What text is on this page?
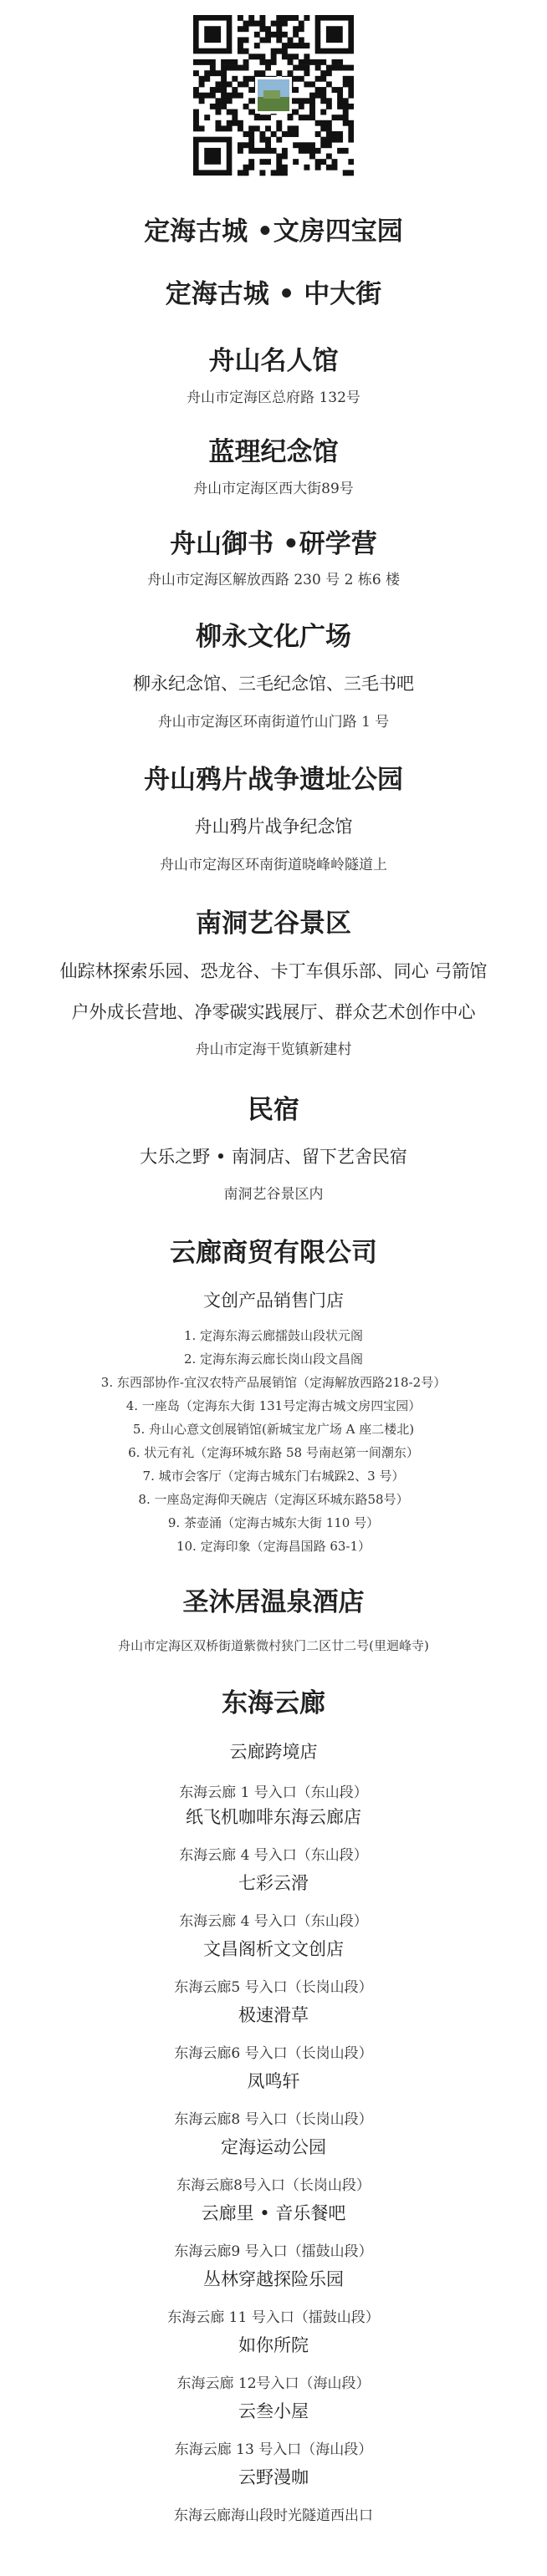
定海古城 •文房四宝园
定海古城 • 中大街
舟山名人馆
舟山市定海区总府路 132号
蓝理纪念馆
舟山市定海区西大街89号
舟山御书 •研学营
舟山市定海区解放西路 230 号 2 栋6 楼
柳永文化广场
柳永纪念馆、三毛纪念馆、三毛书吧
舟山市定海区环南街道竹山门路 1 号
舟山鸦片战争遗址公园
舟山鸦片战争纪念馆
舟山市定海区环南街道晓峰岭隧道上
南洞艺谷景区
仙踪林探索乐园、恐龙谷、卡丁车俱乐部、同心 弓箭馆
户外成长营地、净零碳实践展厅、群众艺术创作中心
舟山市定海干览镇新建村
民宿
大乐之野 • 南洞店、留下艺舍民宿
南洞艺谷景区内
云廊商贸有限公司
文创产品销售门店
1. 定海东海云廊擂鼓山段状元阁
2. 定海东海云廊长岗山段文昌阁
3. 东西部协作-宜汉农特产品展销馆（定海解放西路218-2号）
4. 一座岛（定海东大街 131号定海古城文房四宝园）
5. 舟山心意文创展销馆(新城宝龙广场 A 座二楼北)
6. 状元有礼（定海环城东路 58 号南赵第一间潮东）
7. 城市会客厅（定海古城东门右城跺2、3 号）
8. 一座岛定海仰天碗店（定海区环城东路58号）
9. 茶壶涌（定海古城东大街 110 号）
10. 定海印象（定海昌国路 63-1）
圣沐居温泉酒店
舟山市定海区双桥街道紫微村狭门二区廿二号(里迴峰寺)
东海云廊
云廊跨境店
东海云廊 1 号入口（东山段）
纸飞机咖啡东海云廊店
东海云廊 4 号入口（东山段）
七彩云滑
东海云廊 4 号入口（东山段）
文昌阁析文文创店
东海云廊5 号入口（长岗山段）
极速滑草
东海云廊6 号入口（长岗山段）
凤鸣轩
东海云廊8 号入口（长岗山段）
定海运动公园
东海云廊8号入口（长岗山段）
云廊里 • 音乐餐吧
东海云廊9 号入口（擂鼓山段）
丛林穿越探险乐园
东海云廊 11 号入口（擂鼓山段）
如你所院
东海云廊 12号入口（海山段）
云叁小屋
东海云廊 13 号入口（海山段）
云野漫咖
东海云廊海山段时光隧道西出口
